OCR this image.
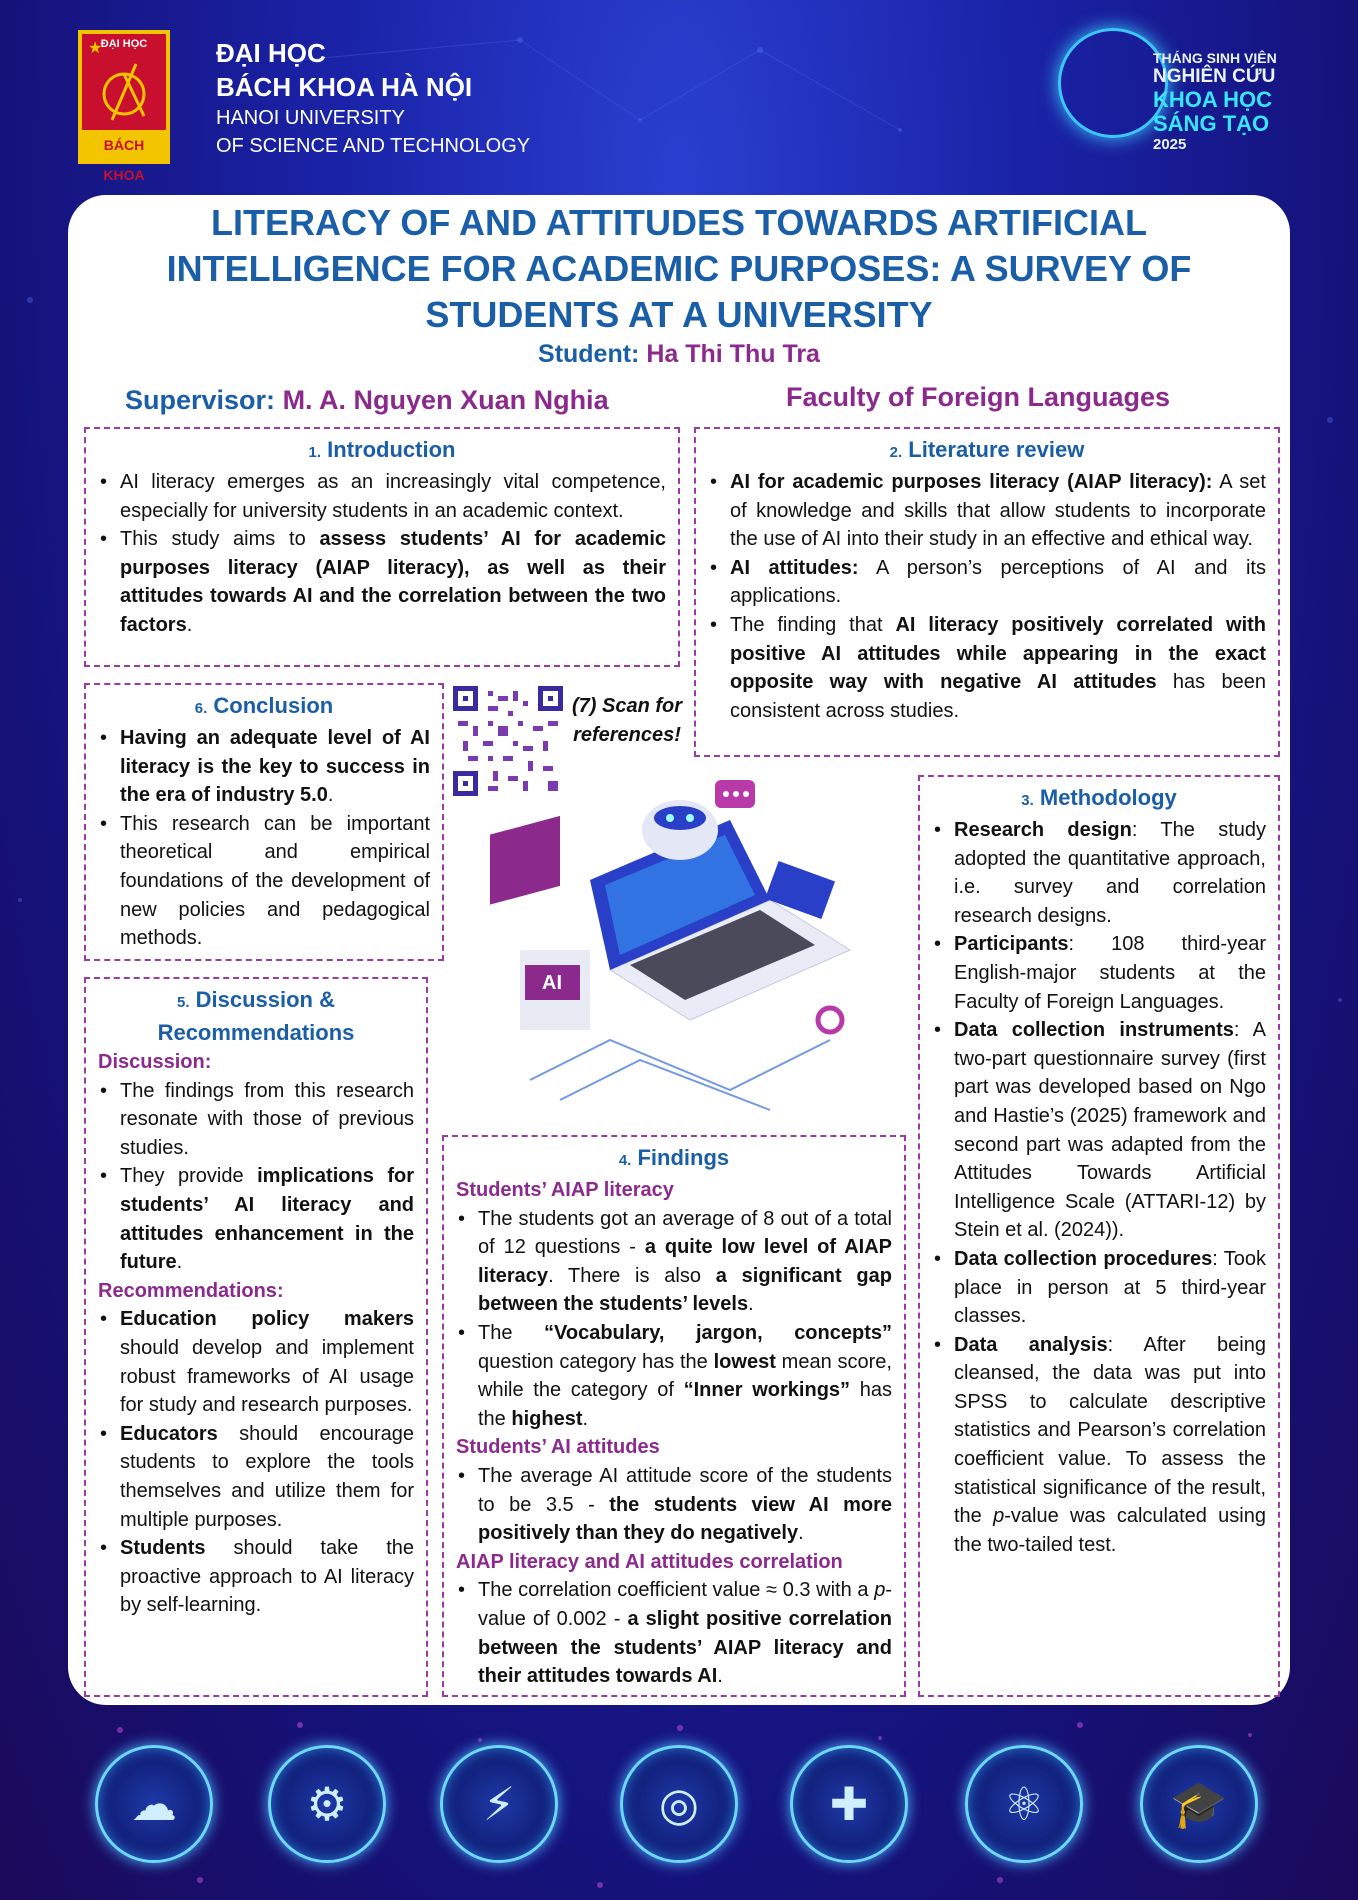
★
ĐẠI HỌC
BÁCH KHOA
ĐẠI HỌC
BÁCH KHOA HÀ NỘI
HANOI UNIVERSITY
OF SCIENCE AND TECHNOLOGY
THÁNG SINH VIÊN
NGHIÊN CỨU
KHOA HỌC
SÁNG TẠO
2025
LITERACY OF AND ATTITUDES TOWARDS ARTIFICIAL INTELLIGENCE FOR ACADEMIC PURPOSES: A SURVEY OF STUDENTS AT A UNIVERSITY
Student: Ha Thi Thu Tra
Supervisor: M. A. Nguyen Xuan Nghia	Faculty of Foreign Languages
1. Introduction
• AI literacy emerges as an increasingly vital competence, especially for university students in an academic context.
• This study aims to assess students’ AI for academic purposes literacy (AIAP literacy), as well as their attitudes towards AI and the correlation between the two factors.
2. Literature review
• AI for academic purposes literacy (AIAP literacy): A set of knowledge and skills that allow students to incorporate the use of AI into their study in an effective and ethical way.
• AI attitudes: A person’s perceptions of AI and its applications.
• The finding that AI literacy positively correlated with positive AI attitudes while appearing in the exact opposite way with negative AI attitudes has been consistent across studies.
6. Conclusion
• Having an adequate level of AI literacy is the key to success in the era of industry 5.0.
• This research can be important theoretical and empirical foundations of the development of new policies and pedagogical methods.
(7) Scan for references!
AI
5. Discussion & Recommendations
Discussion:
• The findings from this research resonate with those of previous studies.
• They provide implications for students’ AI literacy and attitudes enhancement in the future.
Recommendations:
• Education policy makers should develop and implement robust frameworks of AI usage for study and research purposes.
• Educators should encourage students to explore the tools themselves and utilize them for multiple purposes.
• Students should take the proactive approach to AI literacy by self-learning.
4. Findings
Students’ AIAP literacy
• The students got an average of 8 out of a total of 12 questions - a quite low level of AIAP literacy. There is also a significant gap between the students’ levels.
• The “Vocabulary, jargon, concepts” question category has the lowest mean score, while the category of “Inner workings” has the highest.
Students’ AI attitudes
• The average AI attitude score of the students to be 3.5 - the students view AI more positively than they do negatively.
AIAP literacy and AI attitudes correlation
• The correlation coefficient value ≈ 0.3 with a p-value of 0.002 - a slight positive correlation between the students’ AIAP literacy and their attitudes towards AI.
3. Methodology
• Research design: The study adopted the quantitative approach, i.e. survey and correlation research designs.
• Participants: 108 third-year English-major students at the Faculty of Foreign Languages.
• Data collection instruments: A two-part questionnaire survey (first part was developed based on Ngo and Hastie’s (2025) framework and second part was adapted from the Attitudes Towards Artificial Intelligence Scale (ATTARI-12) by Stein et al. (2024)).
• Data collection procedures: Took place in person at 5 third-year classes.
• Data analysis: After being cleansed, the data was put into SPSS to calculate descriptive statistics and Pearson’s correlation coefficient value. To assess the statistical significance of the result, the p-value was calculated using the two-tailed test.
☁	⚙	⚡	◎	✚	⚛	🎓
